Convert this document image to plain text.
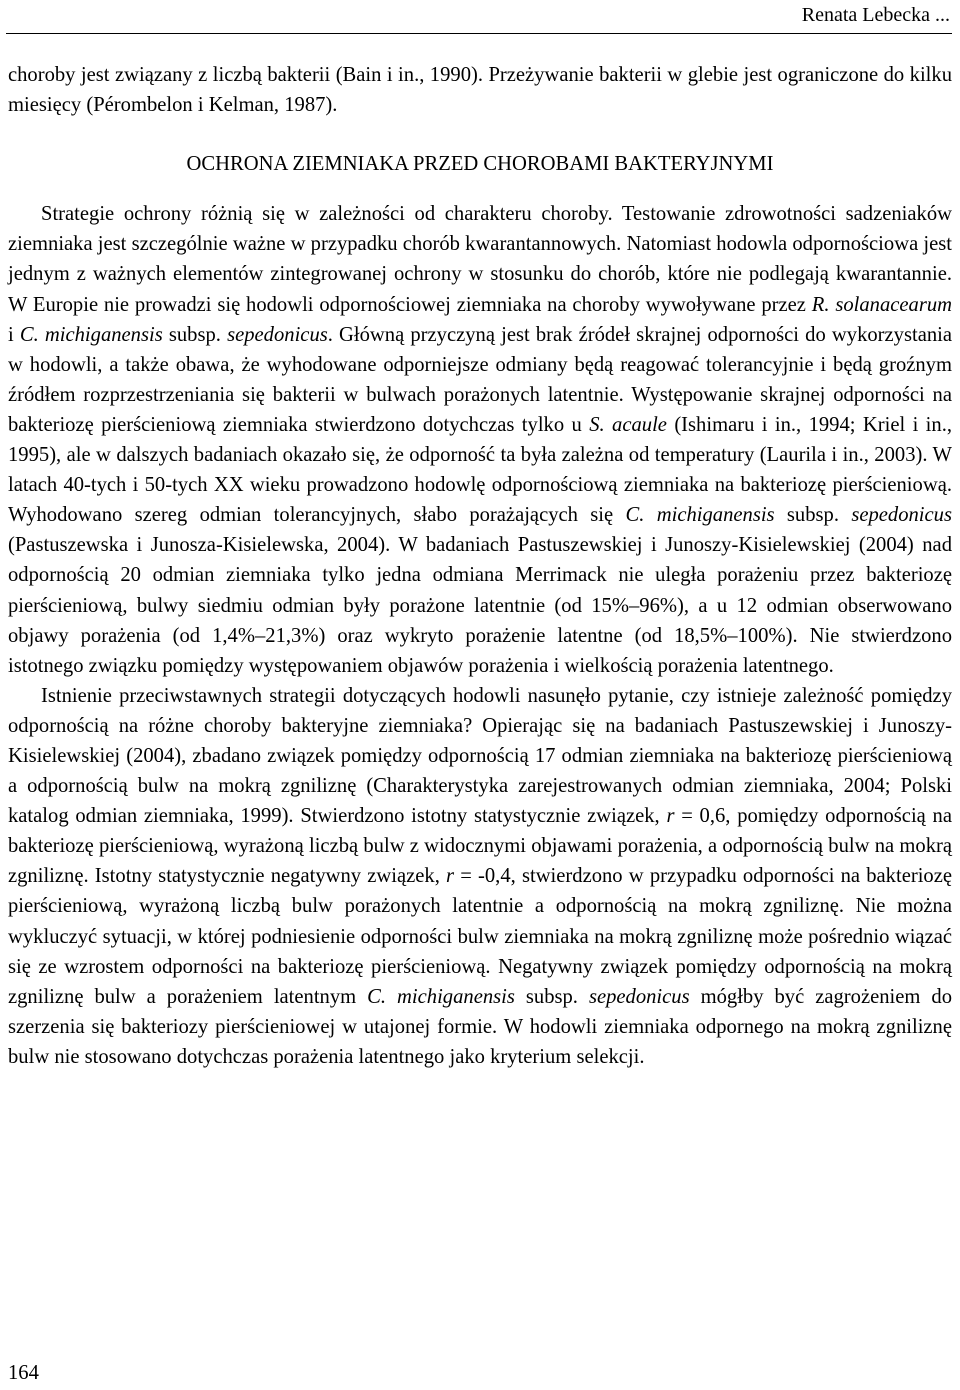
Renata Lebecka ...

choroby jest związany z liczbą bakterii (Bain i in., 1990). Przeżywanie bakterii w glebie jest ograniczone do kilku miesięcy (Pérombelon i Kelman, 1987).

OCHRONA ZIEMNIAKA PRZED CHOROBAMI BAKTERYJNYMI

Strategie ochrony różnią się w zależności od charakteru choroby. Testowanie zdrowotności sadzeniaków ziemniaka jest szczególnie ważne w przypadku chorób kwarantannowych. Natomiast hodowla odpornościowa jest jednym z ważnych elementów zintegrowanej ochrony w stosunku do chorób, które nie podlegają kwarantannie. W Europie nie prowadzi się hodowli odpornościowej ziemniaka na choroby wywoływane przez R. solanacearum i C. michiganensis subsp. sepedonicus. Główną przyczyną jest brak źródeł skrajnej odporności do wykorzystania w hodowli, a także obawa, że wyhodowane odporniejsze odmiany będą reagować tolerancyjnie i będą groźnym źródłem rozprzestrzeniania się bakterii w bulwach porażonych latentnie. Występowanie skrajnej odporności na bakteriozę pierścieniową ziemniaka stwierdzono dotychczas tylko u S. acaule (Ishimaru i in., 1994; Kriel i in., 1995), ale w dalszych badaniach okazało się, że odporność ta była zależna od temperatury (Laurila i in., 2003). W latach 40-tych i 50-tych XX wieku prowadzono hodowlę odpornościową ziemniaka na bakteriozę pierścieniową. Wyhodowano szereg odmian tolerancyjnych, słabo porażających się C. michiganensis subsp. sepedonicus (Pastuszewska i Junosza-Kisielewska, 2004). W badaniach Pastuszewskiej i Junoszy-Kisielewskiej (2004) nad odpornością 20 odmian ziemniaka tylko jedna odmiana Merrimack nie uległa porażeniu przez bakteriozę pierścieniową, bulwy siedmiu odmian były porażone latentnie (od 15%–96%), a u 12 odmian obserwowano objawy porażenia (od 1,4%–21,3%) oraz wykryto porażenie latentne (od 18,5%–100%). Nie stwierdzono istotnego związku pomiędzy występowaniem objawów porażenia i wielkością porażenia latentnego.

Istnienie przeciwstawnych strategii dotyczących hodowli nasunęło pytanie, czy istnieje zależność pomiędzy odpornością na różne choroby bakteryjne ziemniaka? Opierając się na badaniach Pastuszewskiej i Junoszy-Kisielewskiej (2004), zbadano związek pomiędzy odpornością 17 odmian ziemniaka na bakteriozę pierścieniową a odpornością bulw na mokrą zgniliznę (Charakterystyka zarejestrowanych odmian ziemniaka, 2004; Polski katalog odmian ziemniaka, 1999). Stwierdzono istotny statystycznie związek, r = 0,6, pomiędzy odpornością na bakteriozę pierścieniową, wyrażoną liczbą bulw z widocznymi objawami porażenia, a odpornością bulw na mokrą zgniliznę. Istotny statystycznie negatywny związek, r = -0,4, stwierdzono w przypadku odporności na bakteriozę pierścieniową, wyrażoną liczbą bulw porażonych latentnie a odpornością na mokrą zgniliznę. Nie można wykluczyć sytuacji, w której podniesienie odporności bulw ziemniaka na mokrą zgniliznę może pośrednio wiązać się ze wzrostem odporności na bakteriozę pierścieniową. Negatywny związek pomiędzy odpornością na mokrą zgniliznę bulw a porażeniem latentnym C. michiganensis subsp. sepedonicus mógłby być zagrożeniem do szerzenia się bakteriozy pierścieniowej w utajonej formie. W hodowli ziemniaka odpornego na mokrą zgniliznę bulw nie stosowano dotychczas porażenia latentnego jako kryterium selekcji.

164
